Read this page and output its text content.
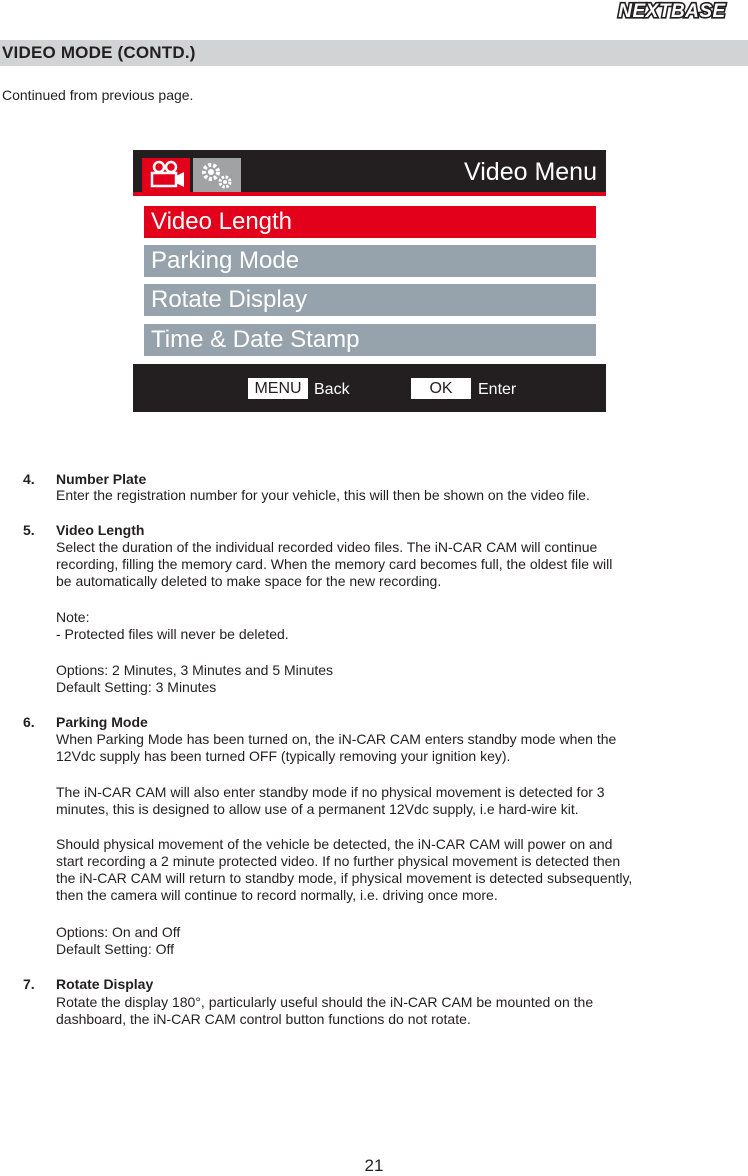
NEXTBASE
VIDEO MODE (CONTD.)
Continued from previous page.
Video Menu
Video Length
Parking Mode
Rotate Display
Time & Date Stamp
MENU Back	OK	Enter
4. Number Plate
Enter the registration number for your vehicle, this will then be shown on the video file.
5. Video Length
Select the duration of the individual recorded video files. The iN-CAR CAM will continue
recording, filling the memory card. When the memory card becomes full, the oldest file will
be automatically deleted to make space for the new recording.
Note:
- Protected files will never be deleted.
Options: 2 Minutes, 3 Minutes and 5 Minutes
Default Setting: 3 Minutes
6. Parking Mode
When Parking Mode has been turned on, the iN-CAR CAM enters standby mode when the
12Vdc supply has been turned OFF (typically removing your ignition key).
The iN-CAR CAM will also enter standby mode if no physical movement is detected for 3
minutes, this is designed to allow use of a permanent 12Vdc supply, i.e hard-wire kit.
Should physical movement of the vehicle be detected, the iN-CAR CAM will power on and
start recording a 2 minute protected video. If no further physical movement is detected then
the iN-CAR CAM will return to standby mode, if physical movement is detected subsequently,
then the camera will continue to record normally, i.e. driving once more.
Options: On and Off
Default Setting: Off
7. Rotate Display
Rotate the display 180°, particularly useful should the iN-CAR CAM be mounted on the
dashboard, the iN-CAR CAM control button functions do not rotate.
21
